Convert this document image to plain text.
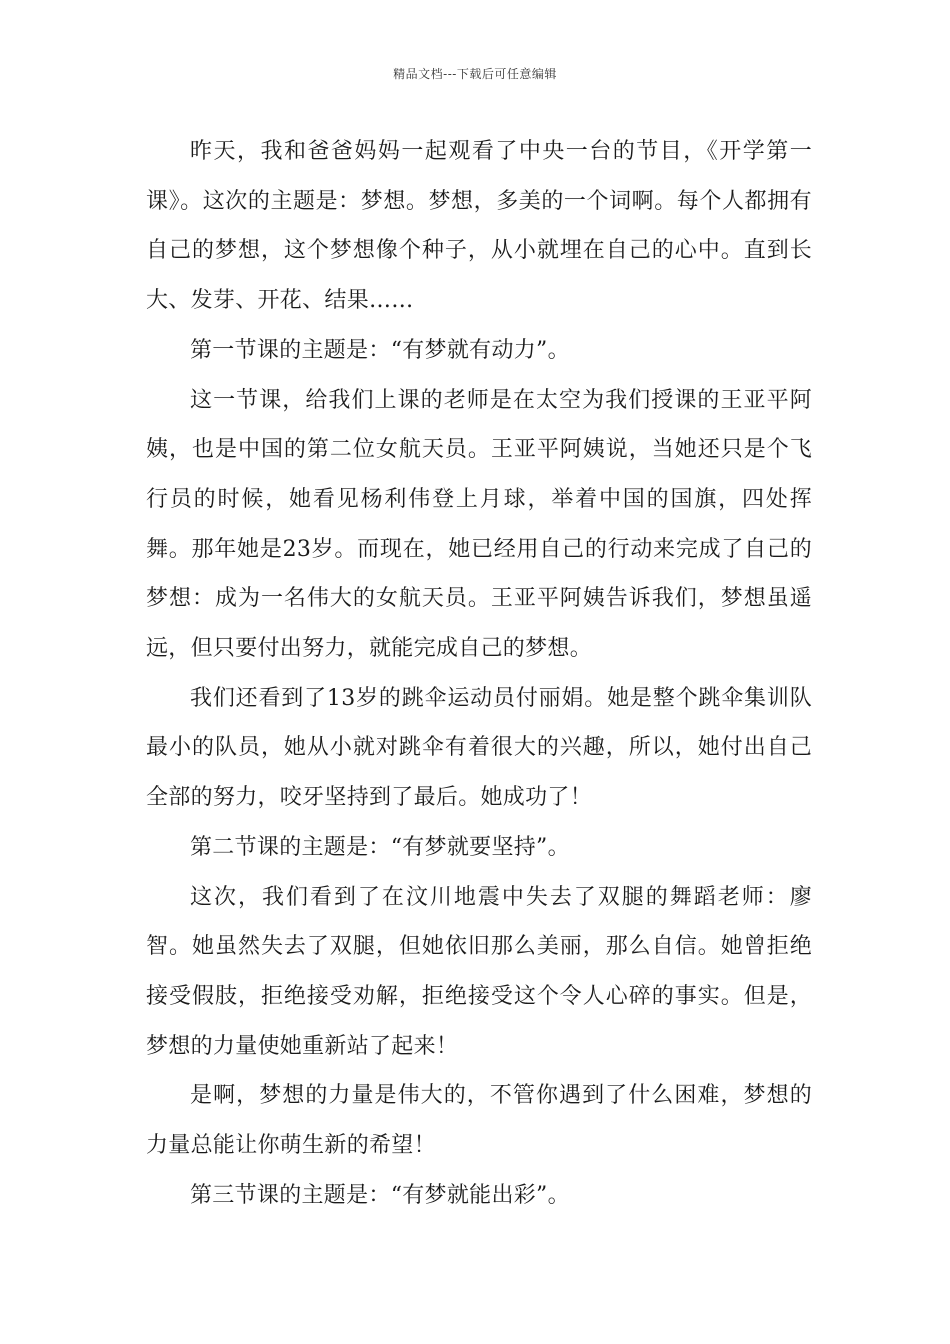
精品文档---下载后可任意编辑

昨天，我和爸爸妈妈一起观看了中央一台的节目，《开学第一课》。这次的主题是：梦想。梦想，多美的一个词啊。每个人都拥有自己的梦想，这个梦想像个种子，从小就埋在自己的心中。直到长大、发芽、开花、结果……

第一节课的主题是：“有梦就有动力”。

这一节课，给我们上课的老师是在太空为我们授课的王亚平阿姨，也是中国的第二位女航天员。王亚平阿姨说，当她还只是个飞行员的时候，她看见杨利伟登上月球，举着中国的国旗，四处挥舞。那年她是23岁。而现在，她已经用自己的行动来完成了自己的梦想：成为一名伟大的女航天员。王亚平阿姨告诉我们，梦想虽遥远，但只要付出努力，就能完成自己的梦想。

我们还看到了13岁的跳伞运动员付丽娟。她是整个跳伞集训队最小的队员，她从小就对跳伞有着很大的兴趣，所以，她付出自己全部的努力，咬牙坚持到了最后。她成功了！

第二节课的主题是：“有梦就要坚持”。

这次，我们看到了在汶川地震中失去了双腿的舞蹈老师：廖智。她虽然失去了双腿，但她依旧那么美丽，那么自信。她曾拒绝接受假肢，拒绝接受劝解，拒绝接受这个令人心碎的事实。但是，梦想的力量使她重新站了起来！

是啊，梦想的力量是伟大的，不管你遇到了什么困难，梦想的力量总能让你萌生新的希望！

第三节课的主题是：“有梦就能出彩”。
